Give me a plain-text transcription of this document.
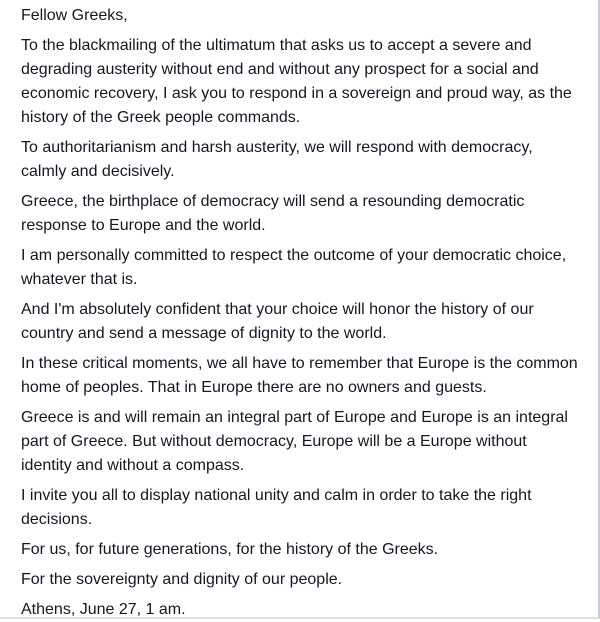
Fellow Greeks,

To the blackmailing of the ultimatum that asks us to accept a severe and degrading austerity without end and without any prospect for a social and economic recovery, I ask you to respond in a sovereign and proud way, as the history of the Greek people commands.

To authoritarianism and harsh austerity, we will respond with democracy, calmly and decisively.

Greece, the birthplace of democracy will send a resounding democratic response to Europe and the world.

I am personally committed to respect the outcome of your democratic choice, whatever that is.

And I'm absolutely confident that your choice will honor the history of our country and send a message of dignity to the world.

In these critical moments, we all have to remember that Europe is the common home of peoples. That in Europe there are no owners and guests.

Greece is and will remain an integral part of Europe and Europe is an integral part of Greece. But without democracy, Europe will be a Europe without identity and without a compass.

I invite you all to display national unity and calm in order to take the right decisions.

For us, for future generations, for the history of the Greeks.

For the sovereignty and dignity of our people.

Athens, June 27, 1 am.
